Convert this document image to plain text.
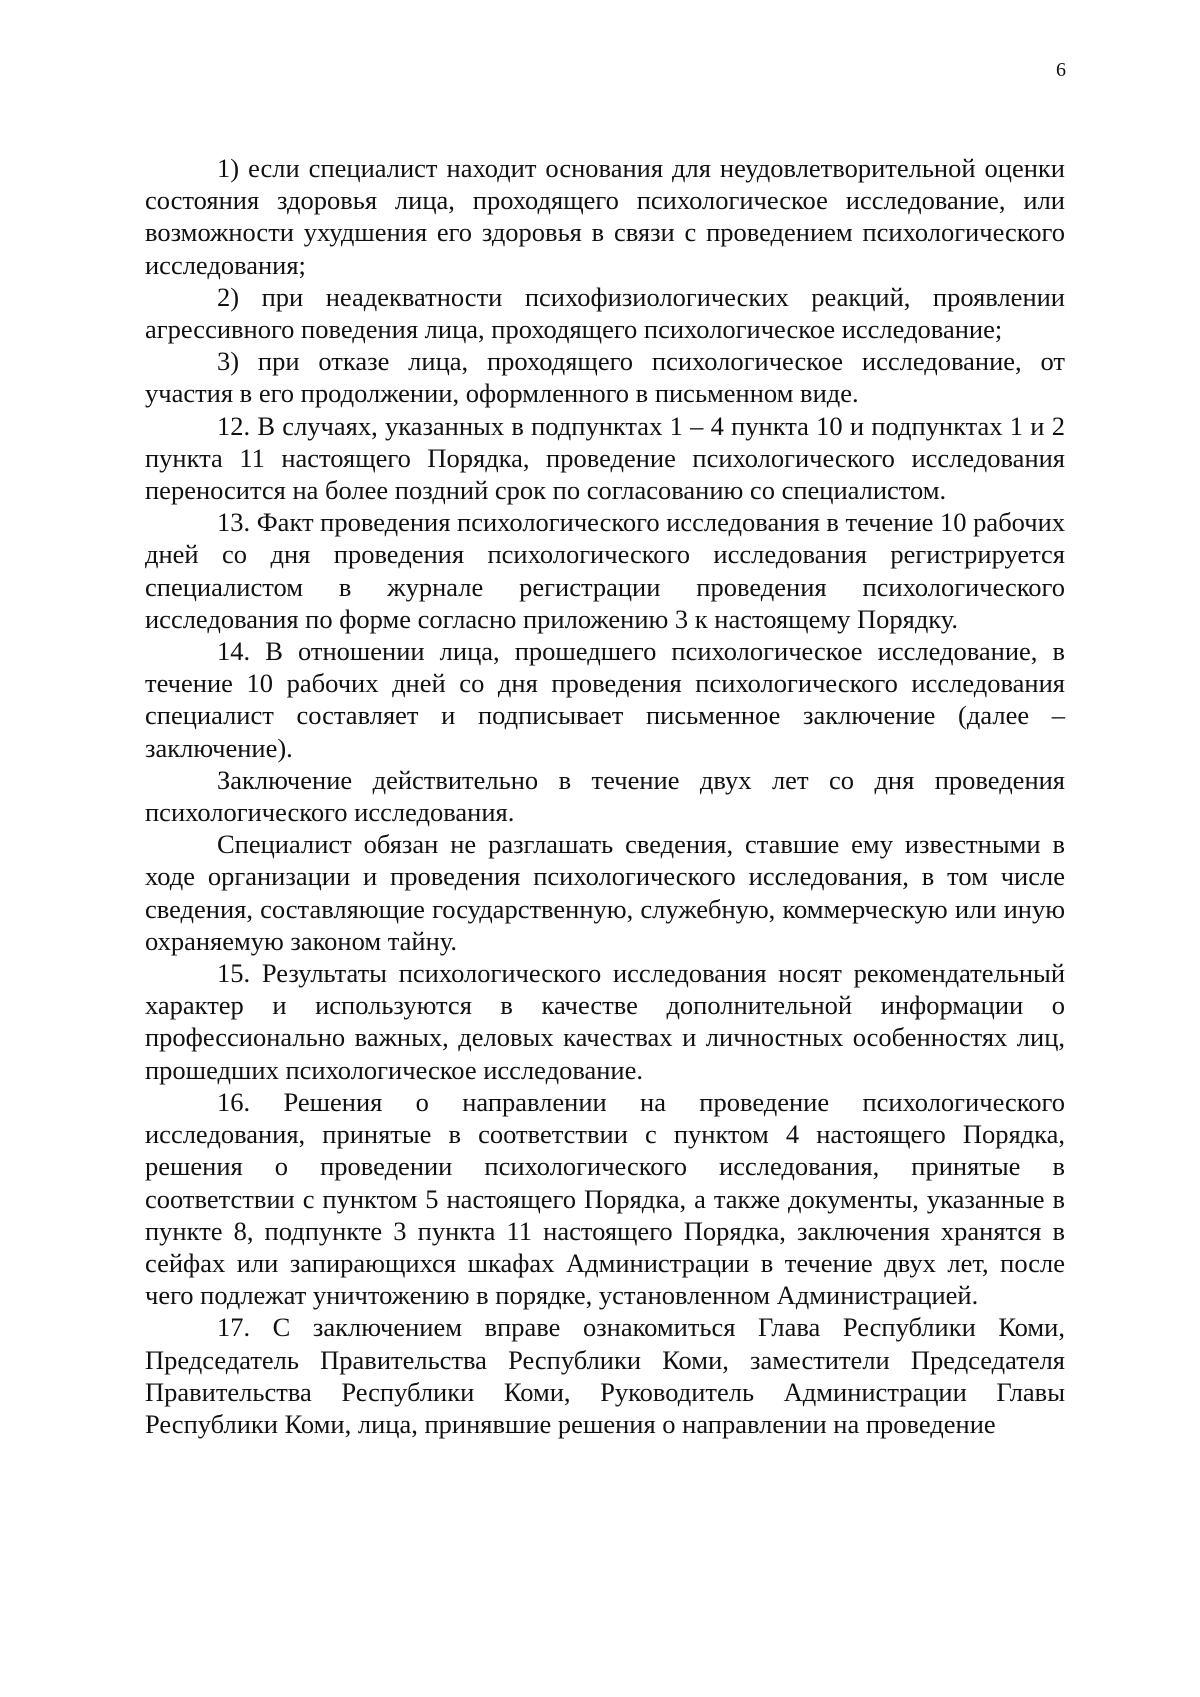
6

1) если специалист находит основания для неудовлетворительной оценки состояния здоровья лица, проходящего психологическое исследование, или возможности ухудшения его здоровья в связи с проведением психологического исследования;

2) при неадекватности психофизиологических реакций, проявлении агрессивного поведения лица, проходящего психологическое исследование;

3) при отказе лица, проходящего психологическое исследование, от участия в его продолжении, оформленного в письменном виде.

12. В случаях, указанных в подпунктах 1 – 4 пункта 10 и подпунктах 1 и 2 пункта 11 настоящего Порядка, проведение психологического исследования переносится на более поздний срок по согласованию со специалистом.

13. Факт проведения психологического исследования в течение 10 рабочих дней со дня проведения психологического исследования регистрируется специалистом в журнале регистрации проведения психологического исследования по форме согласно приложению 3 к настоящему Порядку.

14. В отношении лица, прошедшего психологическое исследование, в течение 10 рабочих дней со дня проведения психологического исследования специалист составляет и подписывает письменное заключение (далее – заключение).

Заключение действительно в течение двух лет со дня проведения психологического исследования.

Специалист обязан не разглашать сведения, ставшие ему известными в ходе организации и проведения психологического исследования, в том числе сведения, составляющие государственную, служебную, коммерческую или иную охраняемую законом тайну.

15. Результаты психологического исследования носят рекомендательный характер и используются в качестве дополнительной информации о профессионально важных, деловых качествах и личностных особенностях лиц, прошедших психологическое исследование.

16. Решения о направлении на проведение психологического исследования, принятые в соответствии с пунктом 4 настоящего Порядка, решения о проведении психологического исследования, принятые в соответствии с пунктом 5 настоящего Порядка, а также документы, указанные в пункте 8, подпункте 3 пункта 11 настоящего Порядка, заключения хранятся в сейфах или запирающихся шкафах Администрации в течение двух лет, после чего подлежат уничтожению в порядке, установленном Администрацией.

17. С заключением вправе ознакомиться Глава Республики Коми, Председатель Правительства Республики Коми, заместители Председателя Правительства Республики Коми, Руководитель Администрации Главы Республики Коми, лица, принявшие решения о направлении на проведение
